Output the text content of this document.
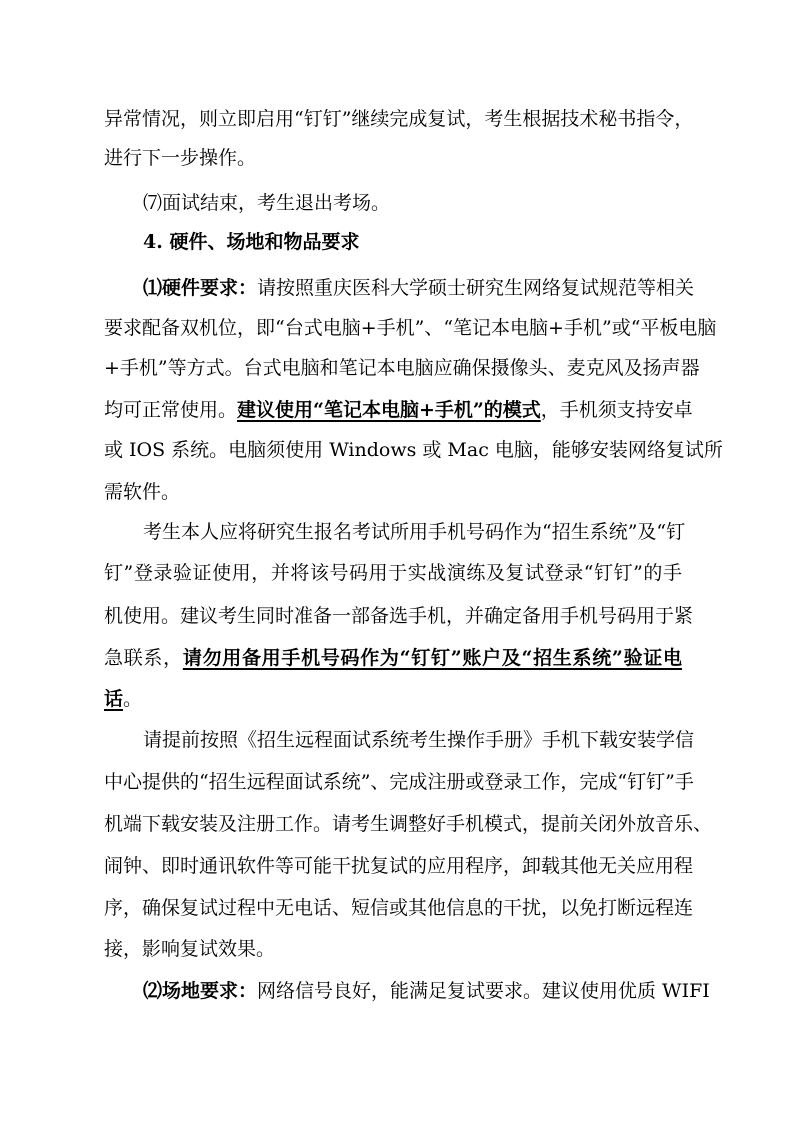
异常情况，则立即启用“钉钉”继续完成复试，考生根据技术秘书指令，
进行下一步操作。
⑺面试结束，考生退出考场。
4. 硬件、场地和物品要求
⑴硬件要求：请按照重庆医科大学硕士研究生网络复试规范等相关
要求配备双机位，即“台式电脑+手机”、“笔记本电脑+手机”或“平板电脑
+手机”等方式。台式电脑和笔记本电脑应确保摄像头、麦克风及扬声器
均可正常使用。建议使用“笔记本电脑+手机”的模式，手机须支持安卓
或 IOS 系统。电脑须使用 Windows 或 Mac 电脑，能够安装网络复试所
需软件。
考生本人应将研究生报名考试所用手机号码作为“招生系统”及“钉
钉”登录验证使用，并将该号码用于实战演练及复试登录“钉钉”的手
机使用。建议考生同时准备一部备选手机，并确定备用手机号码用于紧
急联系，请勿用备用手机号码作为“钉钉”账户及“招生系统”验证电
话。
请提前按照《招生远程面试系统考生操作手册》手机下载安装学信
中心提供的“招生远程面试系统”、完成注册或登录工作，完成“钉钉”手
机端下载安装及注册工作。请考生调整好手机模式，提前关闭外放音乐、
闹钟、即时通讯软件等可能干扰复试的应用程序，卸载其他无关应用程
序，确保复试过程中无电话、短信或其他信息的干扰，以免打断远程连
接，影响复试效果。
⑵场地要求：网络信号良好，能满足复试要求。建议使用优质 WIFI
